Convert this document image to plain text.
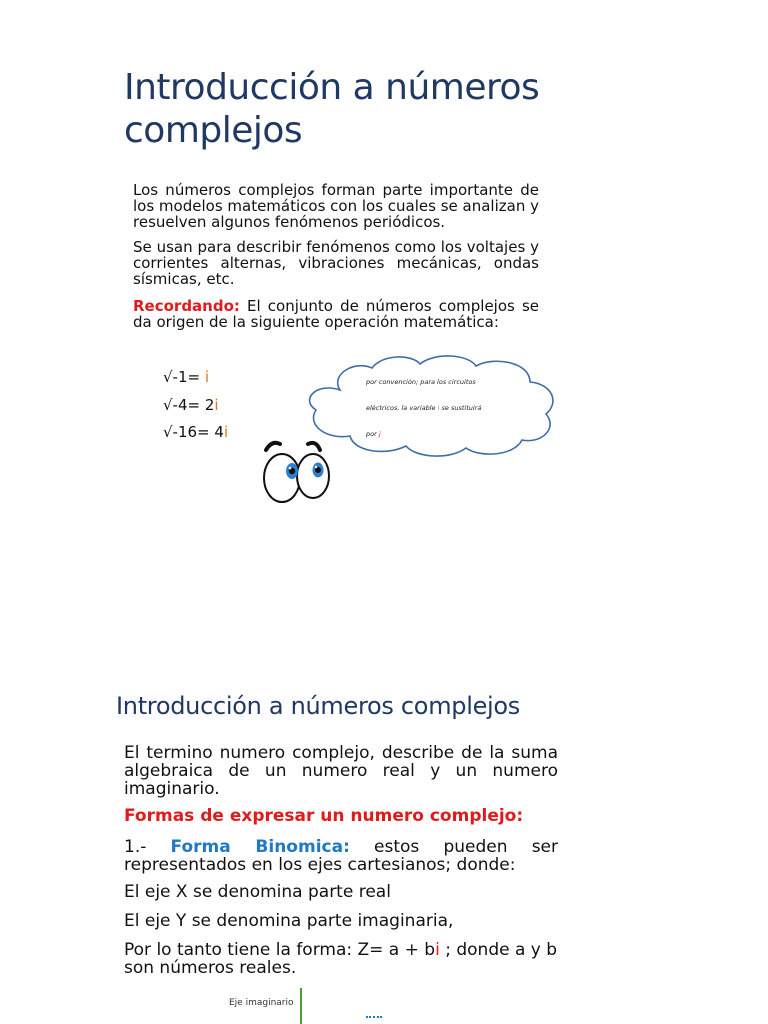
Introducción a números complejos

Los números complejos forman parte importante de los modelos matemáticos con los cuales se analizan y resuelven algunos fenómenos periódicos.

Se usan para describir fenómenos como los voltajes y corrientes alternas, vibraciones mecánicas, ondas sísmicas, etc.

Recordando: El conjunto de números complejos se da origen de la siguiente operación matemática:

√-1= i
√-4= 2i
√-16= 4i
por convención; para los circuitos
eléctricos, la variable i se sustituirá
por j
Introducción a números complejos

El termino numero complejo, describe de la suma algebraica de un numero real y un numero imaginario.

Formas de expresar un numero complejo:

1.- Forma Binomica: estos pueden ser representados en los ejes cartesianos; donde:

El eje X se denomina parte real

El eje Y se denomina parte imaginaria,

Por lo tanto tiene la forma: Z= a + bi ; donde a y b son números reales.

Eje imaginario
